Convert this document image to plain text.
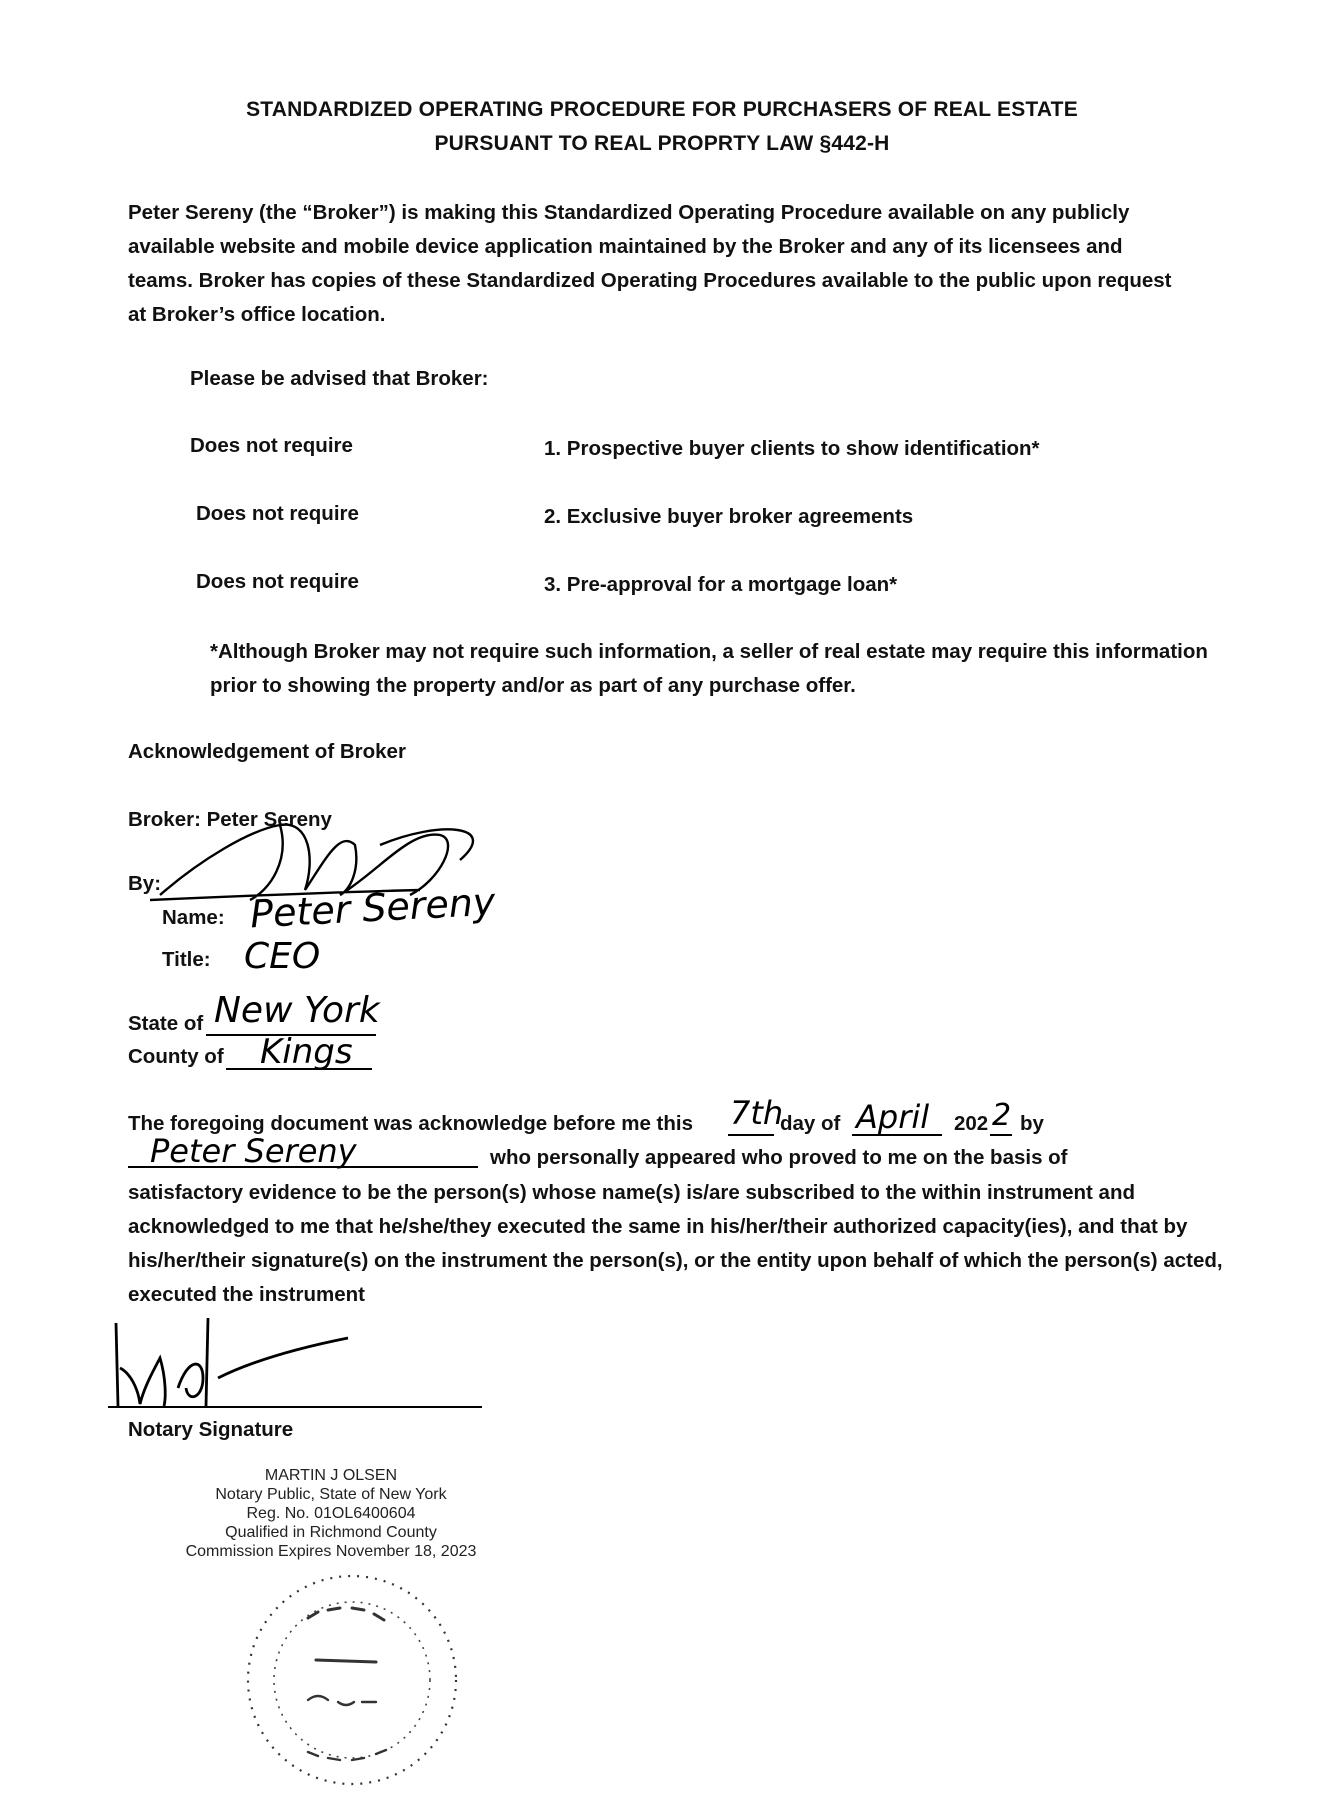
STANDARDIZED OPERATING PROCEDURE FOR PURCHASERS OF REAL ESTATE
PURSUANT TO REAL PROPRTY LAW §442-H
Peter Sereny (the “Broker”) is making this Standardized Operating Procedure available on any publicly available website and mobile device application maintained by the Broker and any of its licensees and teams. Broker has copies of these Standardized Operating Procedures available to the public upon request at Broker’s office location.
Please be advised that Broker:
Does not require	1. Prospective buyer clients to show identification*
Does not require	2. Exclusive buyer broker agreements
Does not require	3. Pre-approval for a mortgage loan*
*Although Broker may not require such information, a seller of real estate may require this information prior to showing the property and/or as part of any purchase offer.
Acknowledgement of Broker
Broker: Peter Sereny
By:
Name: Peter Sereny
Title: CEO
State of New York
County of Kings
The foregoing document was acknowledge before me this 7th
day of April 202 2 by
Peter Sereny	who personally appeared who proved to me on the basis of
satisfactory evidence to be the person(s) whose name(s) is/are subscribed to the within instrument and acknowledged to me that he/she/they executed the same in his/her/their authorized capacity(ies), and that by his/her/their signature(s) on the instrument the person(s), or the entity upon behalf of which the person(s) acted, executed the instrument
Notary Signature
MARTIN J OLSEN
Notary Public, State of New York
Reg. No. 01OL6400604
Qualified in Richmond County
Commission Expires November 18, 2023
